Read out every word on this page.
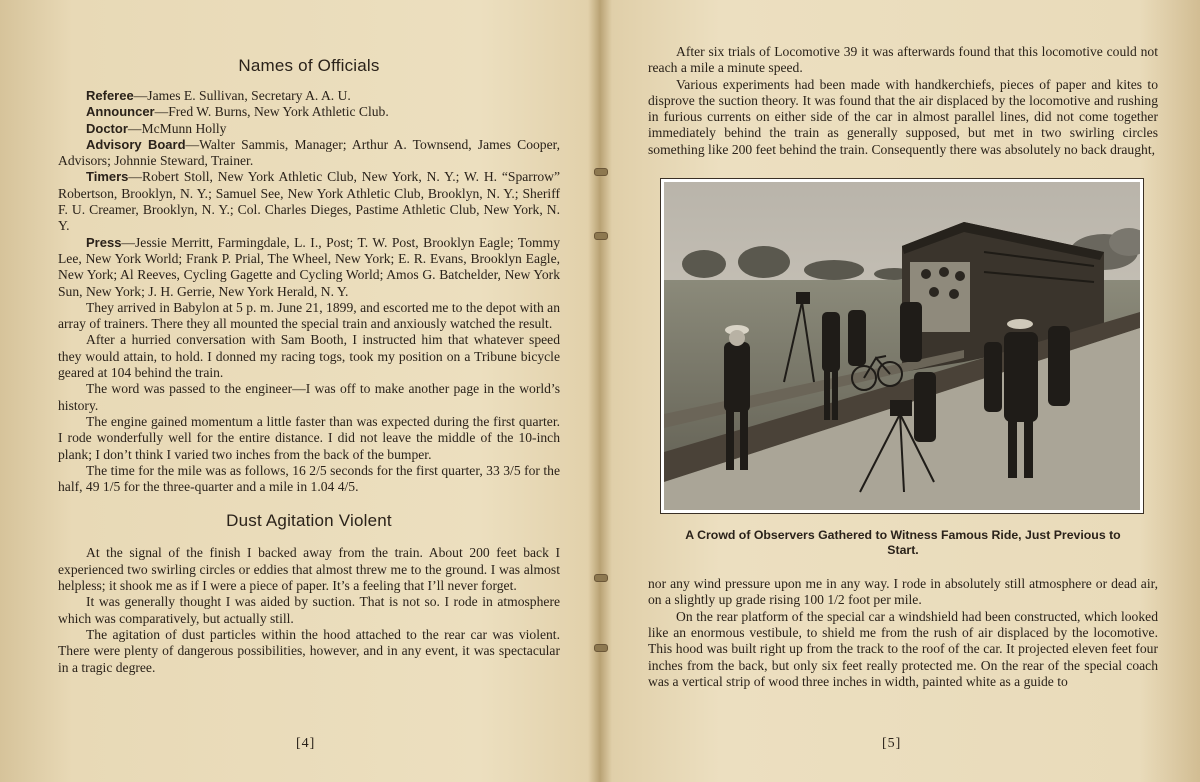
Names of Officials

Referee—James E. Sullivan, Secretary A. A. U.

Announcer—Fred W. Burns, New York Athletic Club.

Doctor—McMunn Holly

Advisory Board—Walter Sammis, Manager; Arthur A. Townsend, James Cooper, Advisors; Johnnie Steward, Trainer.

Timers—Robert Stoll, New York Athletic Club, New York, N. Y.; W. H. “Sparrow” Robertson, Brooklyn, N. Y.; Samuel See, New York Athletic Club, Brooklyn, N. Y.; Sheriff F. U. Creamer, Brooklyn, N. Y.; Col. Charles Dieges, Pastime Athletic Club, New York, N. Y.

Press—Jessie Merritt, Farmingdale, L. I., Post; T. W. Post, Brooklyn Eagle; Tommy Lee, New York World; Frank P. Prial, The Wheel, New York; E. R. Evans, Brooklyn Eagle, New York; Al Reeves, Cycling Gagette and Cycling World; Amos G. Batchelder, New York Sun, New York; J. H. Gerrie, New York Herald, N. Y.

They arrived in Babylon at 5 p. m. June 21, 1899, and escorted me to the depot with an array of trainers. There they all mounted the special train and anxiously watched the result.

After a hurried conversation with Sam Booth, I instructed him that whatever speed they would attain, to hold. I donned my racing togs, took my position on a Tribune bicycle geared at 104 behind the train.

The word was passed to the engineer—I was off to make another page in the world’s history.

The engine gained momentum a little faster than was expected during the first quarter. I rode wonderfully well for the entire distance. I did not leave the middle of the 10-inch plank; I don’t think I varied two inches from the back of the bumper.

The time for the mile was as follows, 16 2/5 seconds for the first quarter, 33 3/5 for the half, 49 1/5 for the three-quarter and a mile in 1.04 4/5.

Dust Agitation Violent

At the signal of the finish I backed away from the train. About 200 feet back I experienced two swirling circles or eddies that almost threw me to the ground. I was almost helpless; it shook me as if I were a piece of paper. It’s a feeling that I’ll never forget.

It was generally thought I was aided by suction. That is not so. I rode in atmosphere which was comparatively, but actually still.

The agitation of dust particles within the hood attached to the rear car was violent. There were plenty of dangerous possibilities, however, and in any event, it was spectacular in a tragic degree.

[4]

After six trials of Locomotive 39 it was afterwards found that this locomotive could not reach a mile a minute speed.

Various experiments had been made with handkerchiefs, pieces of paper and kites to disprove the suction theory. It was found that the air displaced by the locomotive and rushing in furious currents on either side of the car in almost parallel lines, did not come together immediately behind the train as generally supposed, but met in two swirling circles something like 200 feet behind the train. Consequently there was absolutely no back draught,

A Crowd of Observers Gathered to Witness Famous Ride, Just Previous to Start.

nor any wind pressure upon me in any way. I rode in absolutely still atmosphere or dead air, on a slightly up grade rising 100 1/2 foot per mile.

On the rear platform of the special car a windshield had been constructed, which looked like an enormous vestibule, to shield me from the rush of air displaced by the locomotive. This hood was built right up from the track to the roof of the car. It projected eleven feet four inches from the back, but only six feet really protected me. On the rear of the special coach was a vertical strip of wood three inches in width, painted white as a guide to

[5]
